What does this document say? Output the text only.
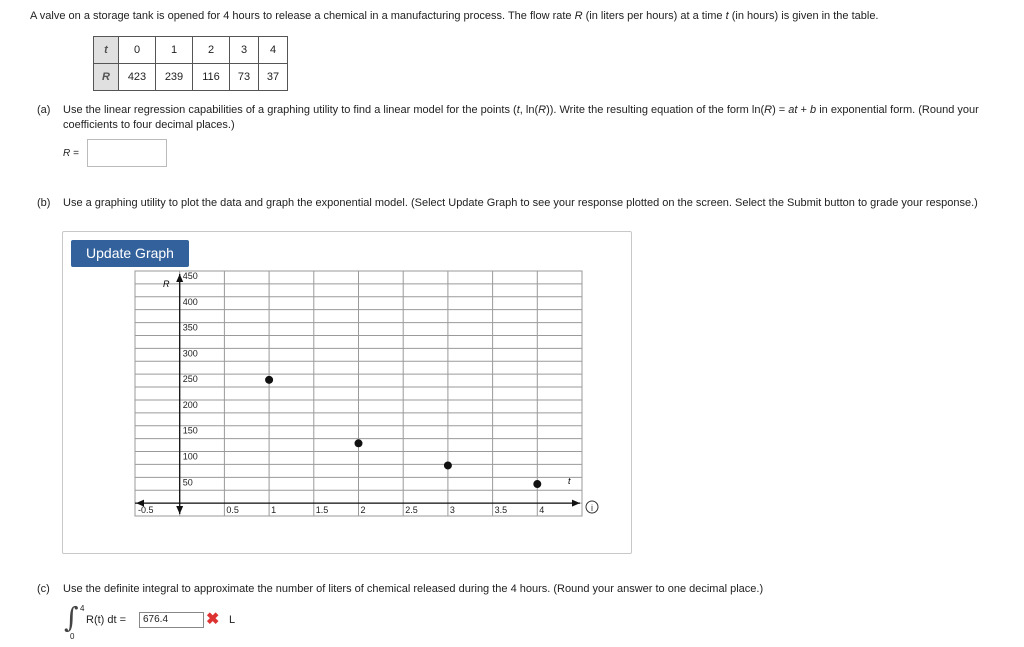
A valve on a storage tank is opened for 4 hours to release a chemical in a manufacturing process. The flow rate R (in liters per hours) at a time t (in hours) is given in the table.
t	0	1	2	3	4
R	423	239	116	73	37
(a) Use the linear regression capabilities of a graphing utility to find a linear model for the points (t, ln(R)). Write the resulting equation of the form ln(R) = at + b in exponential form. (Round your coefficients to four decimal places.)
R =
(b) Use a graphing utility to plot the data and graph the exponential model. (Select Update Graph to see your response plotted on the screen. Select the Submit button to grade your response.)
Update Graph
450
400
350
300
250
200
150
100
50
-0.5	0.5	1	1.5	2	2.5	3	3.5	4
R
t
i
(c) Use the definite integral to approximate the number of liters of chemical released during the 4 hours. (Round your answer to one decimal place.)
∫ 4
0
R(t) dt =	676.4	✖ L
